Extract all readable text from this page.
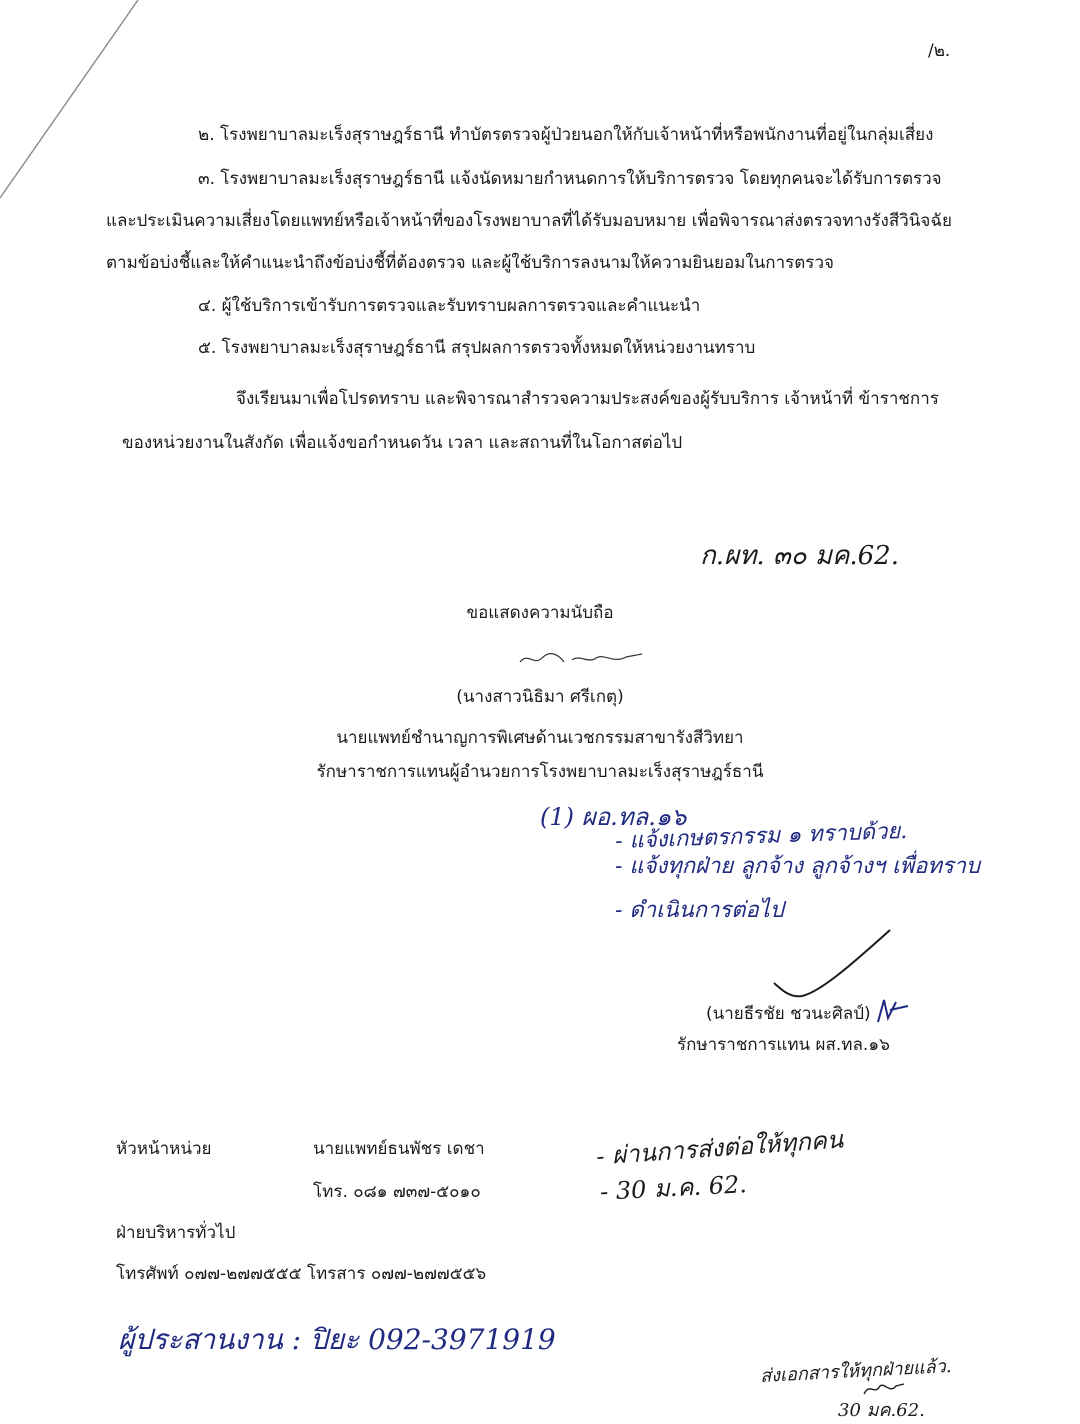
/๒.
๒. โรงพยาบาลมะเร็งสุราษฎร์ธานี ทำบัตรตรวจผู้ป่วยนอกให้กับเจ้าหน้าที่หรือพนักงานที่อยู่ในกลุ่มเสี่ยง
๓. โรงพยาบาลมะเร็งสุราษฎร์ธานี แจ้งนัดหมายกำหนดการให้บริการตรวจ โดยทุกคนจะได้รับการตรวจ
และประเมินความเสี่ยงโดยแพทย์หรือเจ้าหน้าที่ของโรงพยาบาลที่ได้รับมอบหมาย เพื่อพิจารณาส่งตรวจทางรังสีวินิจฉัย
ตามข้อบ่งชี้และให้คำแนะนำถึงข้อบ่งชี้ที่ต้องตรวจ และผู้ใช้บริการลงนามให้ความยินยอมในการตรวจ
๔. ผู้ใช้บริการเข้ารับการตรวจและรับทราบผลการตรวจและคำแนะนำ
๕. โรงพยาบาลมะเร็งสุราษฎร์ธานี สรุปผลการตรวจทั้งหมดให้หน่วยงานทราบ
จึงเรียนมาเพื่อโปรดทราบ และพิจารณาสำรวจความประสงค์ของผู้รับบริการ เจ้าหน้าที่ ข้าราชการ
ของหน่วยงานในสังกัด เพื่อแจ้งขอกำหนดวัน เวลา และสถานที่ในโอกาสต่อไป
ก.ผท. ๓๐ มค.62.
ขอแสดงความนับถือ
(นางสาวนิธิมา ศรีเกตุ)
นายแพทย์ชำนาญการพิเศษด้านเวชกรรมสาขารังสีวิทยา
รักษาราชการแทนผู้อำนวยการโรงพยาบาลมะเร็งสุราษฎร์ธานี
(1) ผอ.ทล.๑๖
- แจ้งเกษตรกรรม ๑ ทราบด้วย.
- แจ้งทุกฝ่าย ลูกจ้าง ลูกจ้างฯ เพื่อทราบ
- ดำเนินการต่อไป
(นายธีรชัย ชวนะศิลป์)
รักษาราชการแทน ผส.ทล.๑๖
หัวหน้าหน่วย	นายแพทย์ธนพัชร เดชา
โทร. ๐๘๑ ๗๓๗-๕๐๑๐
ฝ่ายบริหารทั่วไป
โทรศัพท์ ๐๗๗-๒๗๗๕๕๕ โทรสาร ๐๗๗-๒๗๗๕๕๖
- ผ่านการส่งต่อให้ทุกคน
- 30 ม.ค. 62.
ผู้ประสานงาน : ปิยะ 092-3971919
ส่งเอกสารให้ทุกฝ่ายแล้ว.
30 มค.62.
